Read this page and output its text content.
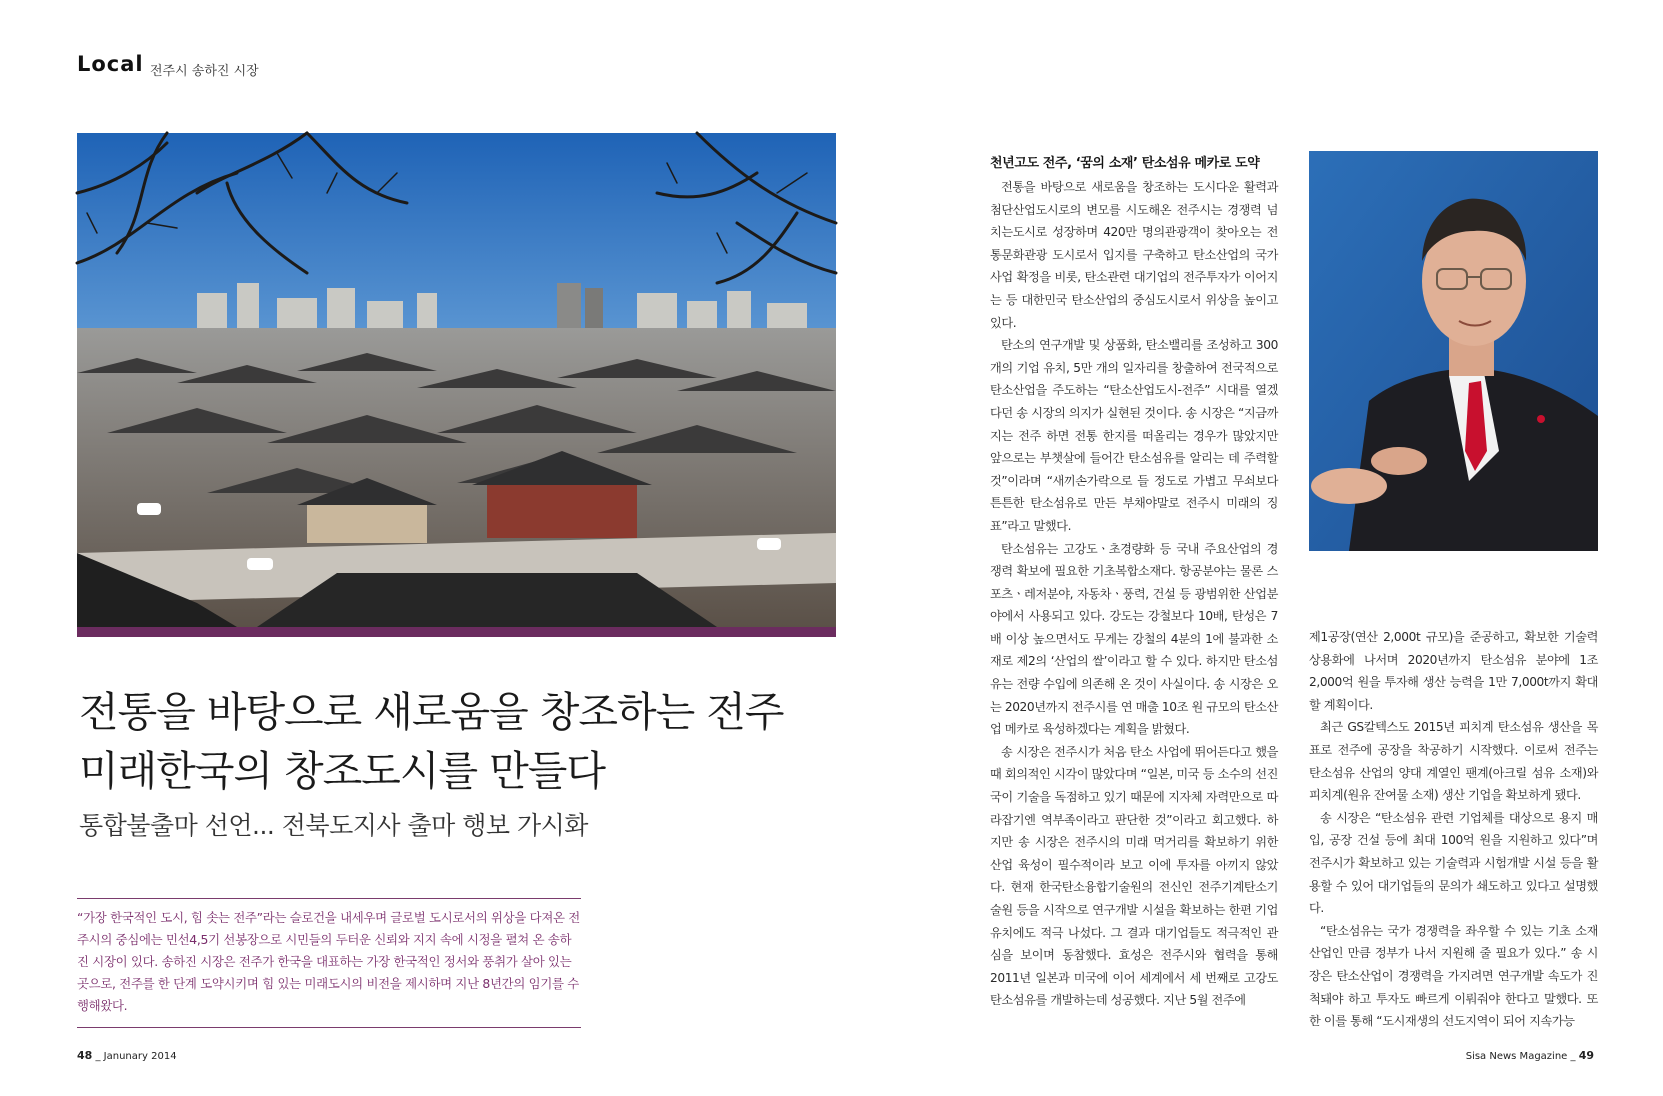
Local 전주시 송하진 시장
전통을 바탕으로 새로움을 창조하는 전주
미래한국의 창조도시를 만들다
통합불출마 선언... 전북도지사 출마 행보 가시화
“가장 한국적인 도시, 힘 솟는 전주”라는 슬로건을 내세우며 글로벌 도시로서의 위상을 다져온 전주시의 중심에는 민선4,5기 선봉장으로 시민들의 두터운 신뢰와 지지 속에 시정을 펼쳐 온 송하진 시장이 있다. 송하진 시장은 전주가 한국을 대표하는 가장 한국적인 정서와 풍취가 살아 있는 곳으로, 전주를 한 단계 도약시키며 힘 있는 미래도시의 비전을 제시하며 지난 8년간의 임기를 수행해왔다.
천년고도 전주, ‘꿈의 소재’ 탄소섬유 메카로 도약

전통을 바탕으로 새로움을 창조하는 도시다운 활력과 첨단산업도시로의 변모를 시도해온 전주시는 경쟁력 넘치는도시로 성장하며 420만 명의관광객이 찾아오는 전통문화관광 도시로서 입지를 구축하고 탄소산업의 국가사업 확정을 비롯, 탄소관련 대기업의 전주투자가 이어지는 등 대한민국 탄소산업의 중심도시로서 위상을 높이고 있다.

탄소의 연구개발 및 상품화, 탄소밸리를 조성하고 300개의 기업 유치, 5만 개의 일자리를 창출하여 전국적으로 탄소산업을 주도하는 “탄소산업도시-전주” 시대를 열겠다던 송 시장의 의지가 실현된 것이다. 송 시장은 “지금까지는 전주 하면 전통 한지를 떠올리는 경우가 많았지만 앞으로는 부챗살에 들어간 탄소섬유를 알리는 데 주력할 것”이라며 “새끼손가락으로 들 정도로 가볍고 무쇠보다 튼튼한 탄소섬유로 만든 부채야말로 전주시 미래의 징표”라고 말했다.

탄소섬유는 고강도ㆍ초경량화 등 국내 주요산업의 경쟁력 확보에 필요한 기초복합소재다. 항공분야는 물론 스포츠ㆍ레저분야, 자동차ㆍ풍력, 건설 등 광범위한 산업분야에서 사용되고 있다. 강도는 강철보다 10배, 탄성은 7배 이상 높으면서도 무게는 강철의 4분의 1에 불과한 소재로 제2의 ‘산업의 쌀’이라고 할 수 있다. 하지만 탄소섬유는 전량 수입에 의존해 온 것이 사실이다. 송 시장은 오는 2020년까지 전주시를 연 매출 10조 원 규모의 탄소산업 메카로 육성하겠다는 계획을 밝혔다.

송 시장은 전주시가 처음 탄소 사업에 뛰어든다고 했을 때 회의적인 시각이 많았다며 “일본, 미국 등 소수의 선진국이 기술을 독점하고 있기 때문에 지자체 자력만으로 따라잡기엔 역부족이라고 판단한 것”이라고 회고했다. 하지만 송 시장은 전주시의 미래 먹거리를 확보하기 위한 산업 육성이 필수적이라 보고 이에 투자를 아끼지 않았다. 현재 한국탄소융합기술원의 전신인 전주기계탄소기술원 등을 시작으로 연구개발 시설을 확보하는 한편 기업 유치에도 적극 나섰다. 그 결과 대기업들도 적극적인 관심을 보이며 동참했다. 효성은 전주시와 협력을 통해 2011년 일본과 미국에 이어 세계에서 세 번째로 고강도 탄소섬유를 개발하는데 성공했다. 지난 5월 전주에

제1공장(연산 2,000t 규모)을 준공하고, 확보한 기술력 상용화에 나서며 2020년까지 탄소섬유 분야에 1조 2,000억 원을 투자해 생산 능력을 1만 7,000t까지 확대할 계획이다.

최근 GS칼텍스도 2015년 피치계 탄소섬유 생산을 목표로 전주에 공장을 착공하기 시작했다. 이로써 전주는 탄소섬유 산업의 양대 계열인 팬계(아크릴 섬유 소재)와 피치계(원유 잔여물 소재) 생산 기업을 확보하게 됐다.

송 시장은 “탄소섬유 관련 기업체를 대상으로 용지 매입, 공장 건설 등에 최대 100억 원을 지원하고 있다”며 전주시가 확보하고 있는 기술력과 시험개발 시설 등을 활용할 수 있어 대기업들의 문의가 쇄도하고 있다고 설명했다.

“탄소섬유는 국가 경쟁력을 좌우할 수 있는 기초 소재 산업인 만큼 정부가 나서 지원해 줄 필요가 있다.” 송 시장은 탄소산업이 경쟁력을 가지려면 연구개발 속도가 진척돼야 하고 투자도 빠르게 이뤄줘야 한다고 말했다. 또한 이를 통해 “도시재생의 선도지역이 되어 지속가능

48 _ Janunary 2014	Sisa News Magazine _ 49
